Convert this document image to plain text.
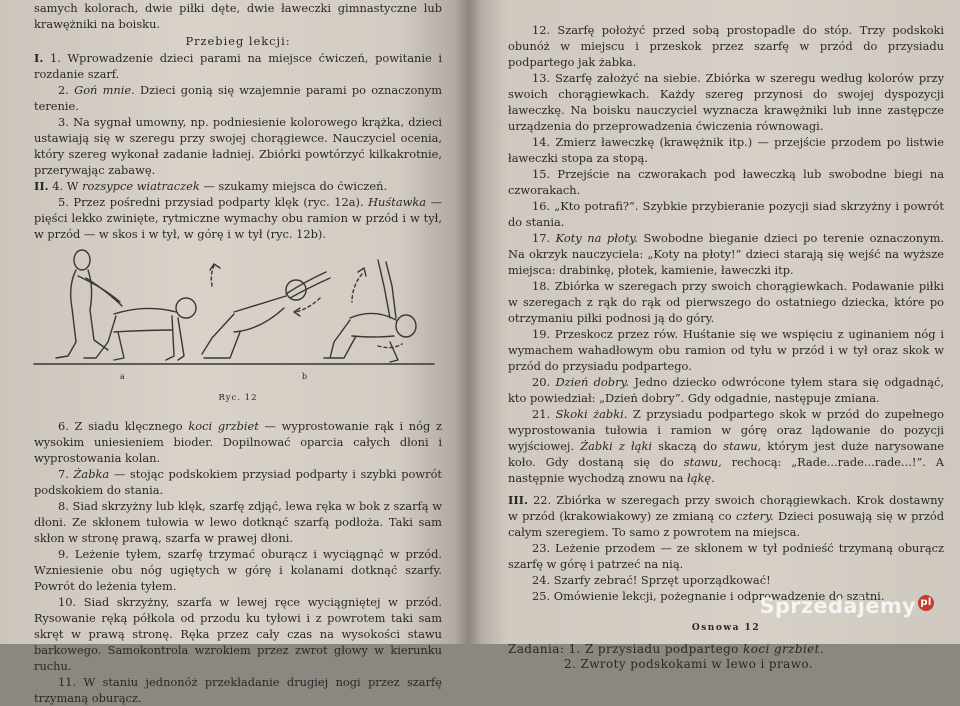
samych kolorach, dwie piłki dęte, dwie ławeczki gimnastyczne lub krawężniki na boisku.

Przebieg lekcji:

I. 1. Wprowadzenie dzieci parami na miejsce ćwiczeń, powitanie i rozdanie szarf.

2. Goń mnie. Dzieci gonią się wzajemnie parami po oznaczonym terenie.

3. Na sygnał umowny, np. podniesienie kolorowego krążka, dzieci ustawiają się w szeregu przy swojej chorągiewce. Nauczyciel ocenia, który szereg wykonał zadanie ładniej. Zbiórki powtórzyć kilkakrotnie, przerywając zabawę.

II. 4. W rozsypce wiatraczek — szukamy miejsca do ćwiczeń.

5. Przez pośredni przysiad podparty klęk (ryc. 12a). Huśtawka — pięści lekko zwinięte, rytmiczne wymachy obu ramion w przód i w tył, w przód — w skos i w tył, w górę i w tył (ryc. 12b).

a	b

Ryc. 12

6. Z siadu klęcznego koci grzbiet — wyprostowanie rąk i nóg z wysokim uniesieniem bioder. Dopilnować oparcia całych dłoni i wyprostowania kolan.

7. Żabka — stojąc podskokiem przysiad podparty i szybki powrót podskokiem do stania.

8. Siad skrzyżny lub klęk, szarfę zdjąć, lewa ręka w bok z szarfą w dłoni. Ze skłonem tułowia w lewo dotknąć szarfą podłoża. Taki sam skłon w stronę prawą, szarfa w prawej dłoni.

9. Leżenie tyłem, szarfę trzymać oburącz i wyciągnąć w przód. Wzniesienie obu nóg ugiętych w górę i kolanami dotknąć szarfy. Powrót do leżenia tyłem.

10. Siad skrzyżny, szarfa w lewej ręce wyciągniętej w przód. Rysowanie ręką półkola od przodu ku tyłowi i z powrotem taki sam skręt w prawą stronę. Ręka przez cały czas na wysokości stawu barkowego. Samokontrola wzrokiem przez zwrot głowy w kierunku ruchu.

11. W staniu jednonóż przekładanie drugiej nogi przez szarfę trzymaną oburącz.

12. Szarfę położyć przed sobą prostopadle do stóp. Trzy podskoki obunóż w miejscu i przeskok przez szarfę w przód do przysiadu podpartego jak żabka.

13. Szarfę założyć na siebie. Zbiórka w szeregu według kolorów przy swoich chorągiewkach. Każdy szereg przynosi do swojej dyspozycji ławeczkę. Na boisku nauczyciel wyznacza krawężniki lub inne zastępcze urządzenia do przeprowadzenia ćwiczenia równowagi.

14. Zmierz ławeczkę (krawężnik itp.) — przejście przodem po listwie ławeczki stopa za stopą.

15. Przejście na czworakach pod ławeczką lub swobodne biegi na czworakach.

16. „Kto potrafi?”. Szybkie przybieranie pozycji siad skrzyżny i powrót do stania.

17. Koty na płoty. Swobodne bieganie dzieci po terenie oznaczonym. Na okrzyk nauczyciela: „Koty na płoty!” dzieci starają się wejść na wyższe miejsca: drabinkę, płotek, kamienie, ławeczki itp.

18. Zbiórka w szeregach przy swoich chorągiewkach. Podawanie piłki w szeregach z rąk do rąk od pierwszego do ostatniego dziecka, które po otrzymaniu piłki podnosi ją do góry.

19. Przeskocz przez rów. Huśtanie się we wspięciu z uginaniem nóg i wymachem wahadłowym obu ramion od tyłu w przód i w tył oraz skok w przód do przysiadu podpartego.

20. Dzień dobry. Jedno dziecko odwrócone tyłem stara się odgadnąć, kto powiedział: „Dzień dobry”. Gdy odgadnie, następuje zmiana.

21. Skoki żabki. Z przysiadu podpartego skok w przód do zupełnego wyprostowania tułowia i ramion w górę oraz lądowanie do pozycji wyjściowej. Żabki z łąki skaczą do stawu, którym jest duże narysowane koło. Gdy dostaną się do stawu, rechocą: „Rade...rade...rade...!”. A następnie wychodzą znowu na łąkę.

III. 22. Zbiórka w szeregach przy swoich chorągiewkach. Krok dostawny w przód (krakowiakowy) ze zmianą co cztery. Dzieci posuwają się w przód całym szeregiem. To samo z powrotem na miejsca.

23. Leżenie przodem — ze skłonem w tył podnieść trzymaną oburącz szarfę w górę i patrzeć na nią.

24. Szarfy zebrać! Sprzęt uporządkować!

25. Omówienie lekcji, pożegnanie i odprowadzenie do szatni.

Osnowa 12

Zadania: 1. Z przysiadu podpartego koci grzbiet.

2. Zwroty podskokami w lewo i prawo.

Sprzedajemy pl
